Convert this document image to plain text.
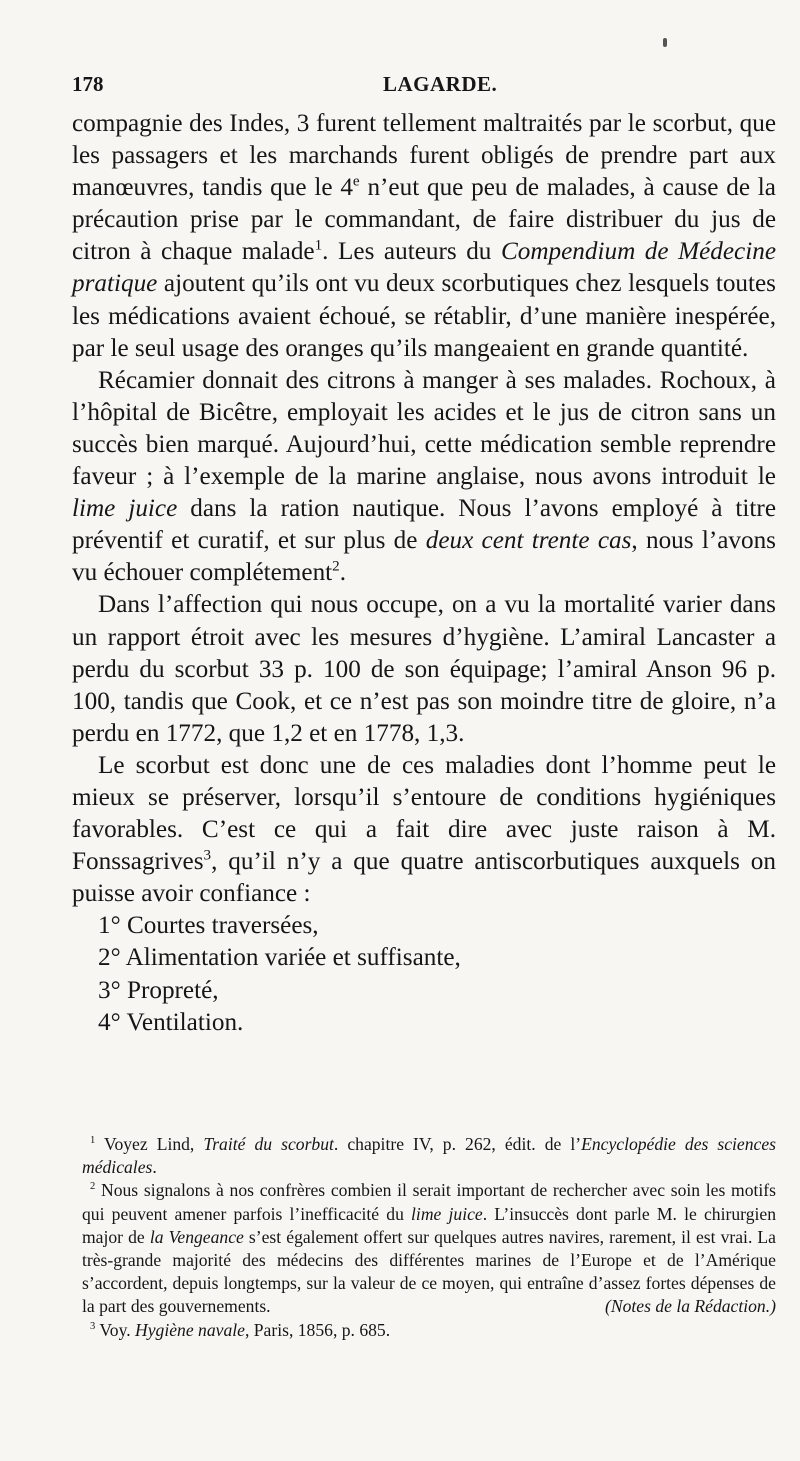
178	LAGARDE.

compagnie des Indes, 3 furent tellement maltraités par le scorbut, que les passagers et les marchands furent obligés de prendre part aux manœuvres, tandis que le 4e n’eut que peu de malades, à cause de la précaution prise par le commandant, de faire distribuer du jus de citron à chaque malade$^1$. Les auteurs du Compendium de Médecine pratique ajoutent qu’ils ont vu deux scorbutiques chez lesquels toutes les médications avaient échoué, se rétablir, d’une manière inespérée, par le seul usage des oranges qu’ils mangeaient en grande quantité.

Récamier donnait des citrons à manger à ses malades. Rochoux, à l’hôpital de Bicêtre, employait les acides et le jus de citron sans un succès bien marqué. Aujourd’hui, cette médication semble reprendre faveur ; à l’exemple de la marine anglaise, nous avons introduit le lime juice dans la ration nautique. Nous l’avons employé à titre préventif et curatif, et sur plus de deux cent trente cas, nous l’avons vu échouer complétement$^2$.

Dans l’affection qui nous occupe, on a vu la mortalité varier dans un rapport étroit avec les mesures d’hygiène. L’amiral Lancaster a perdu du scorbut 33 p. 100 de son équipage; l’amiral Anson 96 p. 100, tandis que Cook, et ce n’est pas son moindre titre de gloire, n’a perdu en 1772, que 1,2 et en 1778, 1,3.

Le scorbut est donc une de ces maladies dont l’homme peut le mieux se préserver, lorsqu’il s’entoure de conditions hygiéniques favorables. C’est ce qui a fait dire avec juste raison à M. Fonssagrives$^3$, qu’il n’y a que quatre antiscorbutiques auxquels on puisse avoir confiance :

1° Courtes traversées,
2° Alimentation variée et suffisante,
3° Propreté,
4° Ventilation.

$^1$ Voyez Lind, Traité du scorbut. chapitre IV, p. 262, édit. de l’Encyclopédie des sciences médicales.

$^2$ Nous signalons à nos confrères combien il serait important de rechercher avec soin les motifs qui peuvent amener parfois l’inefficacité du lime juice. L’insuccès dont parle M. le chirurgien major de la Vengeance s’est également offert sur quelques autres navires, rarement, il est vrai. La très-grande majorité des médecins des différentes marines de l’Europe et de l’Amérique s’accordent, depuis longtemps, sur la valeur de ce moyen, qui entraîne d’assez fortes dépenses de la part des gouvernements.	(Notes de la Rédaction.)

$^3$ Voy. Hygiène navale, Paris, 1856, p. 685.
